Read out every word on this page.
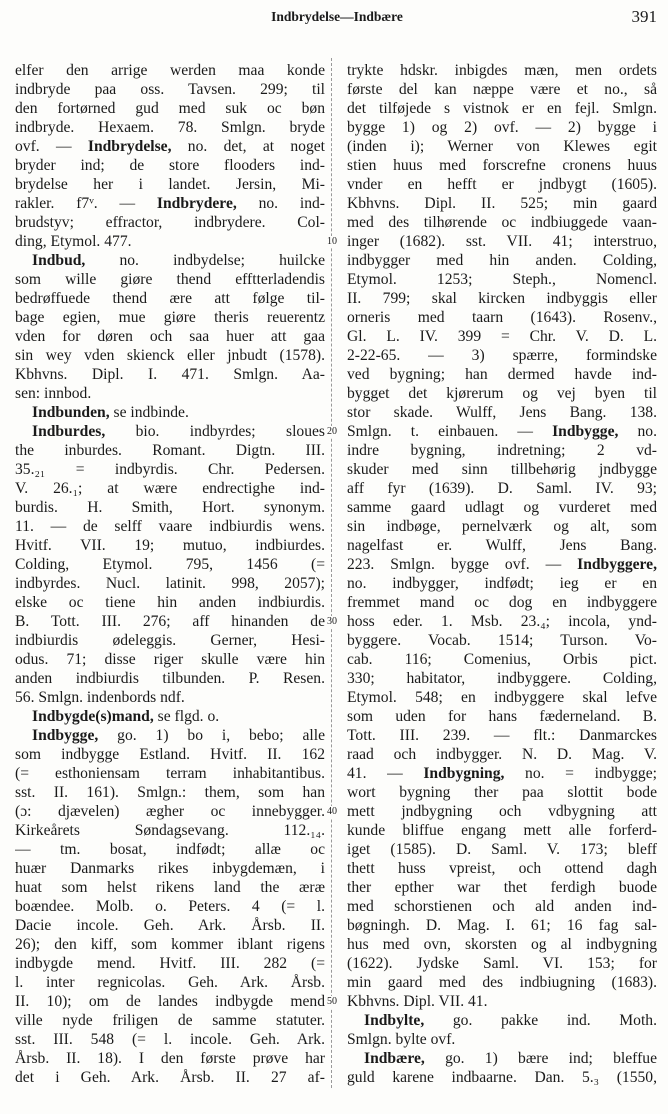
Indbrydelse—Indbære	391
10
20
30
40
50
elfer den arrige werden maa konde
indbryde paa oss. Tavsen. 299; til
den fortørned gud med suk oc bøn
indbryde. Hexaem. 78. Smlgn. bryde
ovf. — Indbrydelse, no. det, at noget
bryder ind; de store flooders ind-
brydelse her i landet. Jersin, Mi-
rakler. f7ᵛ. — Indbrydere, no. ind-
brudstyv; effractor, indbrydere. Col-
ding, Etymol. 477.
Indbud, no. indbydelse; huilcke
som wille giøre thend efftterladendis
bedrøffuede thend ære att følge til-
bage egien, mue giøre theris reuerentz
vden for døren och saa huer att gaa
sin wey vden skienck eller jnbudt (1578).
Kbhvns. Dipl. I. 471. Smlgn. Aa-
sen: innbod.
Indbunden, se indbinde.
Indburdes, bio. indbyrdes; sloues
the inburdes. Romant. Digtn. III.
35.₂₁ = indbyrdis. Chr. Pedersen.
V. 26.₁; at wære endrectighe ind-
burdis. H. Smith, Hort. synonym.
11. — de selff vaare indbiurdis wens.
Hvitf. VII. 19; mutuo, indbiurdes.
Colding, Etymol. 795, 1456 (=
indbyrdes. Nucl. latinit. 998, 2057);
elske oc tiene hin anden indbiurdis.
B. Tott. III. 276; aff hinanden de
indbiurdis ødeleggis. Gerner, Hesi-
odus. 71; disse riger skulle være hin
anden indbiurdis tilbunden. P. Resen.
56. Smlgn. indenbords ndf.
Indbygde(s)mand, se flgd. o.
Indbygge, go. 1) bo i, bebo; alle
som indbygge Estland. Hvitf. II. 162
(= esthoniensam terram inhabitantibus.
sst. II. 161). Smlgn.: them, som han
(ɔ: djævelen) ægher oc innebygger.
Kirkeårets Søndagsevang. 112.₁₄.
— tm. bosat, indfødt; allæ oc
huær Danmarks rikes inbygdemæn, i
huat som helst rikens land the æræ
boændee. Molb. o. Peters. 4 (= l.
Dacie incole. Geh. Ark. Årsb. II.
26); den kiff, som kommer iblant rigens
indbygde mend. Hvitf. III. 282 (=
l. inter regnicolas. Geh. Ark. Årsb.
II. 10); om de landes indbygde mend
ville nyde friligen de samme statuter.
sst. III. 548 (= l. incole. Geh. Ark.
Årsb. II. 18). I den første prøve har
det i Geh. Ark. Årsb. II. 27 af-
trykte hdskr. inbigdes mæn, men ordets
første del kan næppe være et no., så
det tilføjede s vistnok er en fejl. Smlgn.
bygge 1) og 2) ovf. — 2) bygge i
(inden i); Werner von Klewes egit
stien huus med forscrefne cronens huus
vnder en hefft er jndbygt (1605).
Kbhvns. Dipl. II. 525; min gaard
med des tilhørende oc indbiuggede vaan-
inger (1682). sst. VII. 41; interstruo,
indbygger med hin anden. Colding,
Etymol. 1253; Steph., Nomencl.
II. 799; skal kircken indbyggis eller
orneris med taarn (1643). Rosenv.,
Gl. L. IV. 399 = Chr. V. D. L.
2-22-65. — 3) spærre, formindske
ved bygning; han dermed havde ind-
bygget det kjørerum og vej byen til
stor skade. Wulff, Jens Bang. 138.
Smlgn. t. einbauen. — Indbygge, no.
indre bygning, indretning; 2 vd-
skuder med sinn tillbehørig jndbygge
aff fyr (1639). D. Saml. IV. 93;
samme gaard udlagt og vurderet med
sin indbøge, pernelværk og alt, som
nagelfast er. Wulff, Jens Bang.
223. Smlgn. bygge ovf. — Indbyggere,
no. indbygger, indfødt; ieg er en
fremmet mand oc dog en indbyggere
hoss eder. 1. Msb. 23.₄; incola, ynd-
byggere. Vocab. 1514; Turson. Vo-
cab. 116; Comenius, Orbis pict.
330; habitator, indbyggere. Colding,
Etymol. 548; en indbyggere skal lefve
som uden for hans fæderneland. B.
Tott. III. 239. — flt.: Danmarckes
raad och indbygger. N. D. Mag. V.
41. — Indbygning, no. = indbygge;
wort bygning ther paa slottit bode
mett jndbygning och vdbygning att
kunde bliffue engang mett alle forferd-
iget (1585). D. Saml. V. 173; bleff
thett huss vpreist, och ottend dagh
ther epther war thet ferdigh buode
med schorstienen och ald anden ind-
bøgningh. D. Mag. I. 61; 16 fag sal-
hus med ovn, skorsten og al indbygning
(1622). Jydske Saml. VI. 153; for
min gaard med des indbiugning (1683).
Kbhvns. Dipl. VII. 41.
Indbylte, go. pakke ind. Moth.
Smlgn. bylte ovf.
Indbære, go. 1) bære ind; bleffue
guld karene indbaarne. Dan. 5.₃ (1550,
